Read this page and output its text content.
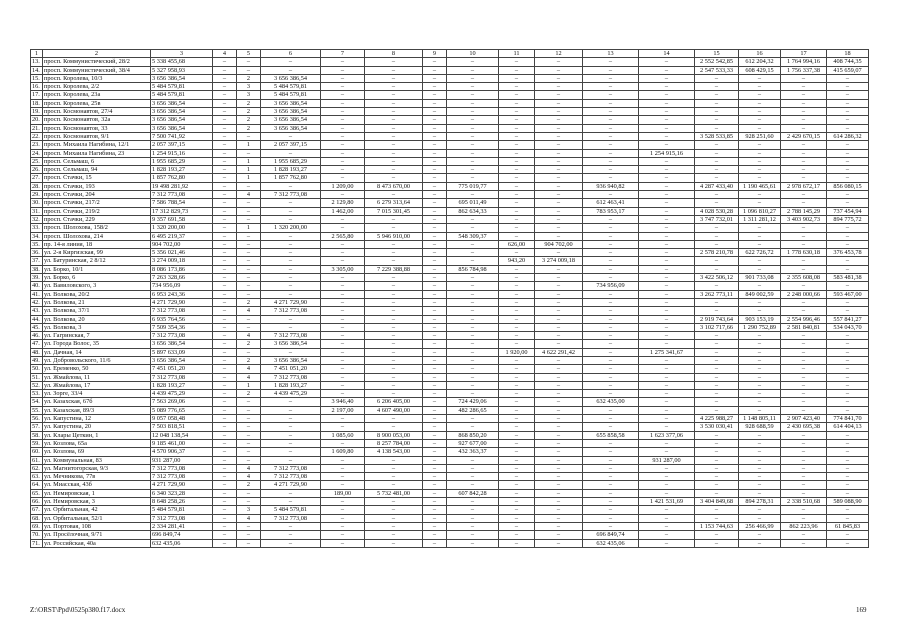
1	2	3	4	5	6	7	8	9	10	11	12	13	14	15	16	17	18
13.	просп. Коммунистический, 28/2	5 338 455,68	–	–	–	–	–	–	–	–	–	–	–	2 552 542,85	612 204,32	1 764 994,16	408 744,35
14.	просп. Коммунистический, 38/4	5 327 958,93	–	–	–	–	–	–	–	–	–	–	–	2 547 533,33	608 429,15	1 756 337,38	415 659,07
15.	просп. Королева, 10/3	3 656 386,54	–	2	3 656 386,54	–	–	–	–	–	–	–	–	–	–	–	–
16.	просп. Королева, 2/2	5 484 579,81	–	3	5 484 579,81	–	–	–	–	–	–	–	–	–	–	–	–
17.	просп. Королева, 23а	5 484 579,81	–	3	5 484 579,81	–	–	–	–	–	–	–	–	–	–	–	–
18.	просп. Королева, 25в	3 656 386,54	–	2	3 656 386,54	–	–	–	–	–	–	–	–	–	–	–	–
19.	просп. Космонавтов, 27/4	3 656 386,54	–	2	3 656 386,54	–	–	–	–	–	–	–	–	–	–	–	–
20.	просп. Космонавтов, 32а	3 656 386,54	–	2	3 656 386,54	–	–	–	–	–	–	–	–	–	–	–	–
21.	просп. Космонавтов, 33	3 656 386,54	–	2	3 656 386,54	–	–	–	–	–	–	–	–	–	–	–	–
22.	просп. Космонавтов, 9/1	7 500 741,92	–	–	–	–	–	–	–	–	–	–	–	3 528 533,85	928 251,60	2 429 670,15	614 286,32
23.	просп. Михаила Нагибина, 12/1	2 057 397,15	–	1	2 057 397,15	–	–	–	–	–	–	–	–	–	–	–	–
24.	просп. Михаила Нагибина, 23	1 254 915,16	–	–	–	–	–	–	–	–	–	–	1 254 915,16	–	–	–	–
25.	просп. Сельмаш, 6	1 955 685,29	–	1	1 955 685,29	–	–	–	–	–	–	–	–	–	–	–	–
26.	просп. Сельмаш, 94	1 828 193,27	–	1	1 828 193,27	–	–	–	–	–	–	–	–	–	–	–	–
27.	просп. Стачки, 15	1 857 762,80	–	1	1 857 762,80	–	–	–	–	–	–	–	–	–	–	–	–
28.	просп. Стачки, 193	19 498 281,92	–	–	–	1 209,00	8 473 670,00	–	775 019,77	–	–	936 940,82	–	4 287 433,40	1 190 465,61	2 978 672,17	856 080,15
29.	просп. Стачки, 204	7 312 773,08	–	4	7 312 773,08	–	–	–	–	–	–	–	–	–	–	–	–
30.	просп. Стачки, 217/2	7 586 788,54	–	–	–	2 129,80	6 279 313,64	–	695 011,49	–	–	612 463,41	–	–	–	–	–
31.	просп. Стачки, 219/2	17 312 829,73	–	–	–	1 462,00	7 015 301,45	–	862 634,33	–	–	783 953,17	–	4 028 530,28	1 096 810,27	2 788 145,29	737 454,94
32.	просп. Стачки, 229	9 357 691,58	–	–	–	–	–	–	–	–	–	–	–	3 747 732,01	1 311 281,12	3 403 902,73	894 775,72
33.	просп. Шолохова, 158/2	1 320 200,00	–	1	1 320 200,00	–	–	–	–	–	–	–	–	–	–	–	–
34.	просп. Шолохова, 214	6 495 219,37	–	–	–	2 565,80	5 946 910,00	–	548 309,37	–	–	–	–	–	–	–	–
35.	пр. 14-я линия, 18	904 702,00	–	–	–	–	–	–	–	626,00	904 702,00	–	–	–	–	–	–
36.	ул. 2-я Киргизская, 99	5 356 021,46	–	–	–	–	–	–	–	–	–	–	–	2 578 210,78	622 726,72	1 778 630,18	376 453,78
37.	ул. Батуринская, 2 8/12	3 274 009,18	–	–	–	–	–	–	–	943,20	3 274 009,18	–	–	–	–	–	–
38.	ул. Борко, 10/1	8 086 173,86	–	–	–	3 305,00	7 229 388,88	–	856 784,98	–	–	–	–	–	–	–	–
39.	ул. Борко, 6	7 263 328,66	–	–	–	–	–	–	–	–	–	–	–	3 422 506,12	901 733,08	2 355 608,08	583 481,38
40.	ул. Вавиловского, 3	734 956,09	–	–	–	–	–	–	–	–	–	734 956,09	–	–	–	–	–
41.	ул. Волкова, 20/2	6 953 243,36	–	–	–	–	–	–	–	–	–	–	–	3 262 773,11	849 002,59	2 248 000,66	593 467,00
42.	ул. Волкова, 21	4 271 729,90	–	2	4 271 729,90	–	–	–	–	–	–	–	–	–	–	–	–
43.	ул. Волкова, 37/1	7 312 773,08	–	4	7 312 773,08	–	–	–	–	–	–	–	–	–	–	–	–
44.	ул. Волкова, 20	6 935 764,56	–	–	–	–	–	–	–	–	–	–	–	2 919 743,64	903 153,19	2 554 996,46	557 841,27
45.	ул. Волкова, 3	7 509 354,36	–	–	–	–	–	–	–	–	–	–	–	3 102 717,66	1 290 752,89	2 581 840,81	534 043,70
46.	ул. Гагринская, 7	7 312 773,08	–	4	7 312 773,08	–	–	–	–	–	–	–	–	–	–	–	–
47.	ул. Города Волос, 35	3 656 386,54	–	2	3 656 386,54	–	–	–	–	–	–	–	–	–	–	–	–
48.	ул. Дачная, 14	5 897 633,09	–	–	–	–	–	–	–	1 920,00	4 622 291,42	–	1 275 341,67	–	–	–	–
49.	ул. Добровольского, 11/6	3 656 386,54	–	2	3 656 386,54	–	–	–	–	–	–	–	–	–	–	–	–
50.	ул. Еременко, 50	7 451 051,20	–	4	7 451 051,20	–	–	–	–	–	–	–	–	–	–	–	–
51.	ул. Жмайлова, 11	7 312 773,08	–	4	7 312 773,08	–	–	–	–	–	–	–	–	–	–	–	–
52.	ул. Жмайлова, 17	1 828 193,27	–	1	1 828 193,27	–	–	–	–	–	–	–	–	–	–	–	–
53.	ул. Зорге, 33/4	4 439 475,29	–	2	4 439 475,29	–	–	–	–	–	–	–	–	–	–	–	–
54.	ул. Казахская, 67б	7 563 269,06	–	–	–	3 946,40	6 206 405,00	–	724 429,06	–	–	632 435,00	–	–	–	–	–
55.	ул. Казахская, 89/3	5 089 776,65	–	–	–	2 197,00	4 607 490,00	–	482 286,65	–	–	–	–	–	–	–	–
56.	ул. Капустина, 12	9 057 058,48	–	–	–	–	–	–	–	–	–	–	–	4 225 988,27	1 148 805,11	2 907 423,40	774 841,70
57.	ул. Капустина, 20	7 503 818,51	–	–	–	–	–	–	–	–	–	–	–	3 530 030,41	928 688,59	2 430 695,38	614 404,13
58.	ул. Клары Цеткин, 1	12 048 138,54	–	–	–	1 085,60	8 900 053,00	–	868 850,20	–	–	655 858,58	1 623 377,06	–	–	–	–
59.	ул. Козлова, 65а	9 185 461,00	–	–	–	–	8 257 784,00	–	927 677,00	–	–	–	–	–	–	–	–
60.	ул. Козлова, 69	4 570 906,37	–	–	–	1 609,80	4 138 543,00	–	432 363,37	–	–	–	–	–	–	–	–
61.	ул. Коммунальная, 83	931 287,00	–	–	–	–	–	–	–	–	–	–	931 287,00	–	–	–	–
62.	ул. Магнитогорская, 9/3	7 312 773,08	–	4	7 312 773,08	–	–	–	–	–	–	–	–	–	–	–	–
63.	ул. Мечникова, 77в	7 312 773,08	–	4	7 312 773,08	–	–	–	–	–	–	–	–	–	–	–	–
64.	ул. Миасская, 43б	4 271 729,90	–	2	4 271 729,90	–	–	–	–	–	–	–	–	–	–	–	–
65.	ул. Немировская, 1	6 340 323,28	–	–	–	189,00	5 732 481,00	–	607 842,28	–	–	–	–	–	–	–	–
66.	ул. Немировская, 3	8 648 258,26	–	–	–	–	–	–	–	–	–	–	1 421 531,69	3 404 849,68	894 278,31	2 338 510,68	589 088,90
67.	ул. Орбитальная, 42	5 484 579,81	–	3	5 484 579,81	–	–	–	–	–	–	–	–	–	–	–	–
68.	ул. Орбитальная, 52/1	7 312 773,08	–	4	7 312 773,08	–	–	–	–	–	–	–	–	–	–	–	–
69.	ул. Портовая, 108	2 334 281,41	–	–	–	–	–	–	–	–	–	–	–	1 153 744,63	256 466,99	862 223,96	61 845,83
70.	ул. Просёлочная, 9/71	696 849,74	–	–	–	–	–	–	–	–	–	696 849,74	–	–	–	–	–
71.	ул. Российская, 40а	632 435,06	–	–	–	–	–	–	–	–	–	632 435,06	–	–	–	–	–
Z:\ORST\Ppd\0525p380.f17.docx	169
